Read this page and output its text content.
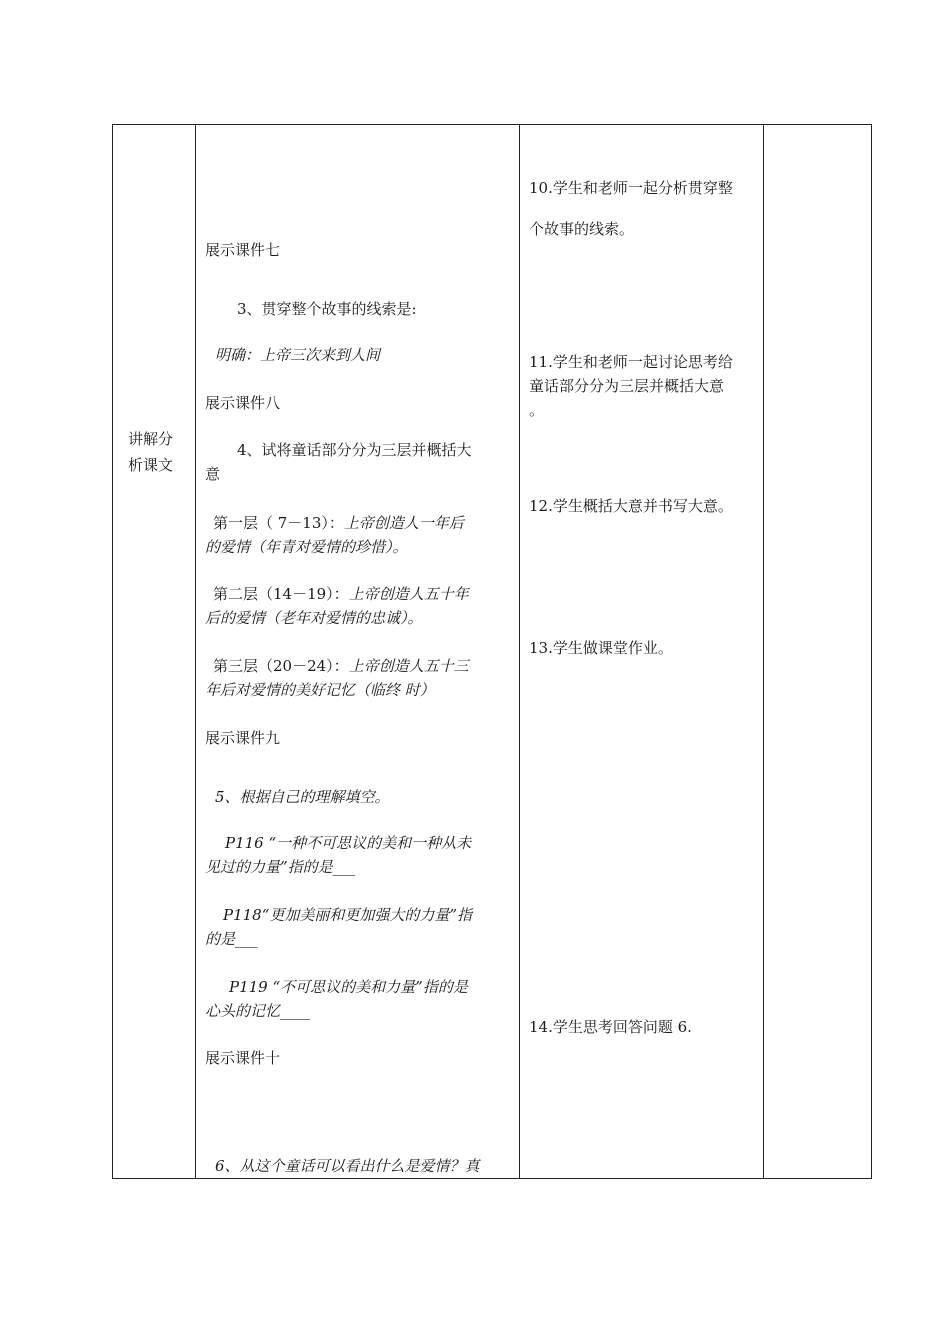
讲解分
析课文
展示课件七
3、贯穿整个故事的线索是:
明确：上帝三次来到人间
展示课件八
4、试将童话部分分为三层并概括大
意
第一层（ 7－13）：上帝创造人一年后
的爱情（年青对爱情的珍惜）。
第二层（14－19）：上帝创造人五十年
后的爱情（老年对爱情的忠诚）。
第三层（20－24）：上帝创造人五十三
年后对爱情的美好记忆（临终 时）
展示课件九
5、根据自己的理解填空。
P116 “一种不可思议的美和一种从未
见过的力量”指的是___
P118“更加美丽和更加强大的力量”指
的是___
P119 “不可思议的美和力量”指的是
心头的记忆____
展示课件十
6、从这个童话可以看出什么是爱情？真
10.学生和老师一起分析贯穿整
个故事的线索。
11.学生和老师一起讨论思考给
童话部分分为三层并概括大意
。
12.学生概括大意并书写大意。
13.学生做课堂作业。
14.学生思考回答问题 6.
